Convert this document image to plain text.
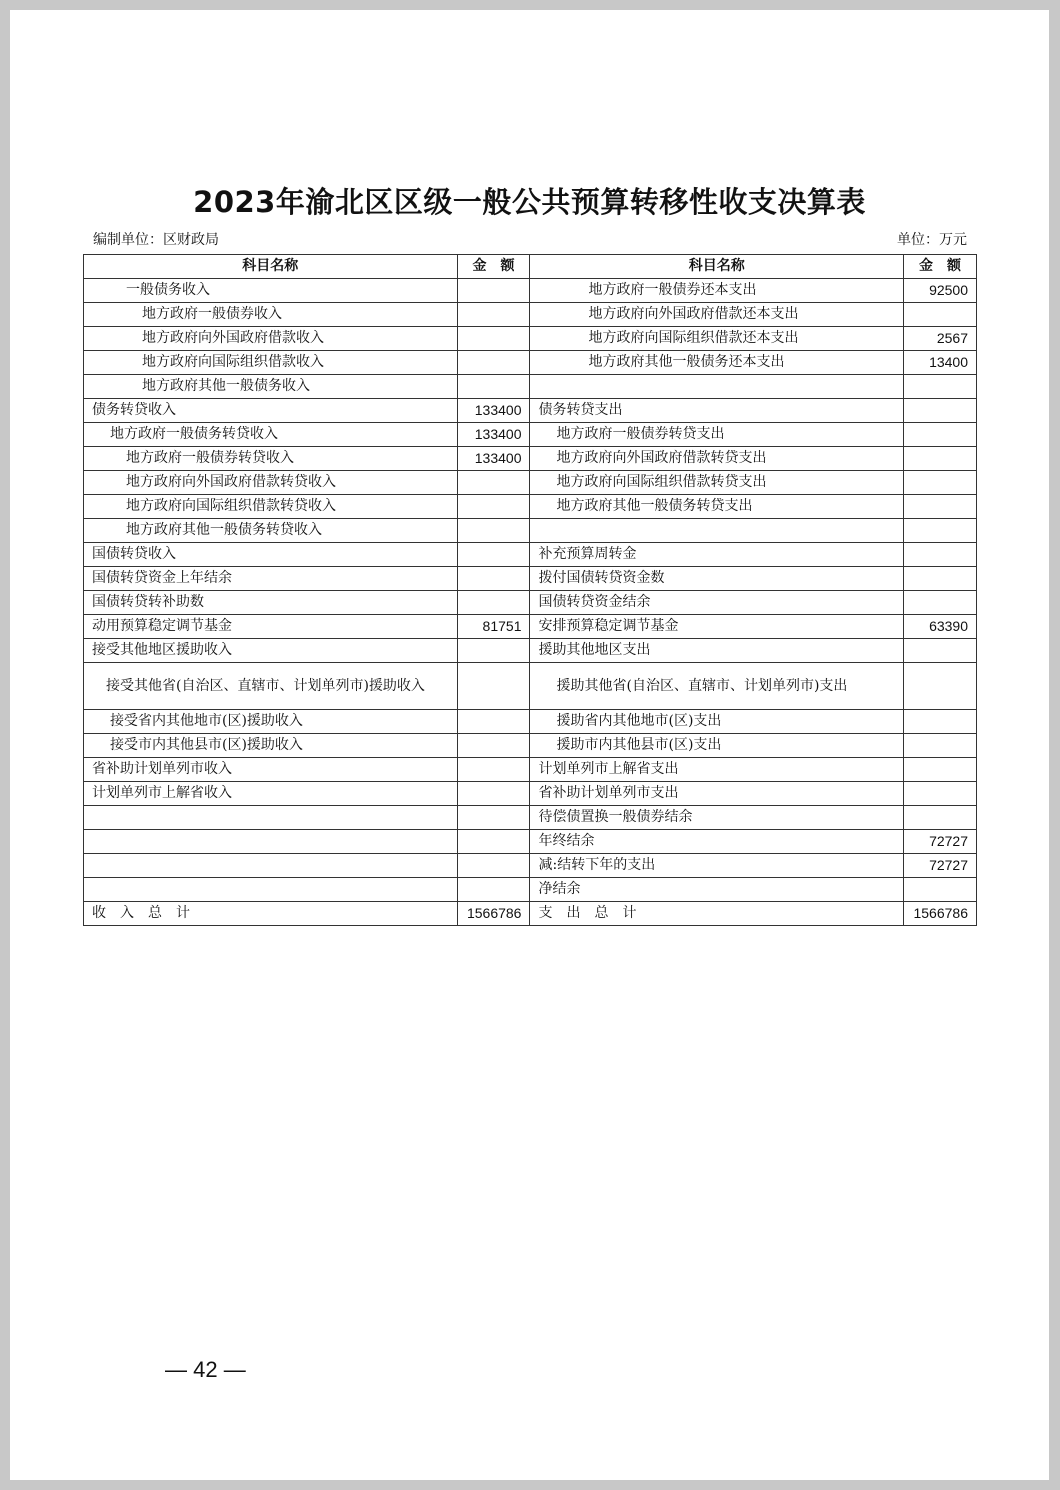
2023年渝北区区级一般公共预算转移性收支决算表
编制单位：区财政局	单位：万元
科目名称	金　额	科目名称	金　额
一般债务收入		地方政府一般债券还本支出	92500
地方政府一般债券收入		地方政府向外国政府借款还本支出	
地方政府向外国政府借款收入		地方政府向国际组织借款还本支出	2567
地方政府向国际组织借款收入		地方政府其他一般债务还本支出	13400
地方政府其他一般债务收入			
债务转贷收入	133400	债务转贷支出	
地方政府一般债务转贷收入	133400	地方政府一般债券转贷支出	
地方政府一般债券转贷收入	133400	地方政府向外国政府借款转贷支出	
地方政府向外国政府借款转贷收入		地方政府向国际组织借款转贷支出	
地方政府向国际组织借款转贷收入		地方政府其他一般债务转贷支出	
地方政府其他一般债务转贷收入			
国债转贷收入		补充预算周转金	
国债转贷资金上年结余		拨付国债转贷资金数	
国债转贷转补助数		国债转贷资金结余	
动用预算稳定调节基金	81751	安排预算稳定调节基金	63390
接受其他地区援助收入		援助其他地区支出	
　接受其他省(自治区、直辖市、计划单列市)援助收入		援助其他省(自治区、直辖市、计划单列市)支出	
接受省内其他地市(区)援助收入		援助省内其他地市(区)支出	
接受市内其他县市(区)援助收入		援助市内其他县市(区)支出	
省补助计划单列市收入		计划单列市上解省支出	
计划单列市上解省收入		省补助计划单列市支出	
		待偿债置换一般债券结余	
		年终结余	72727
		减:结转下年的支出	72727
		净结余	
收　入　总　计	1566786	支　出　总　计	1566786
— 42 —
